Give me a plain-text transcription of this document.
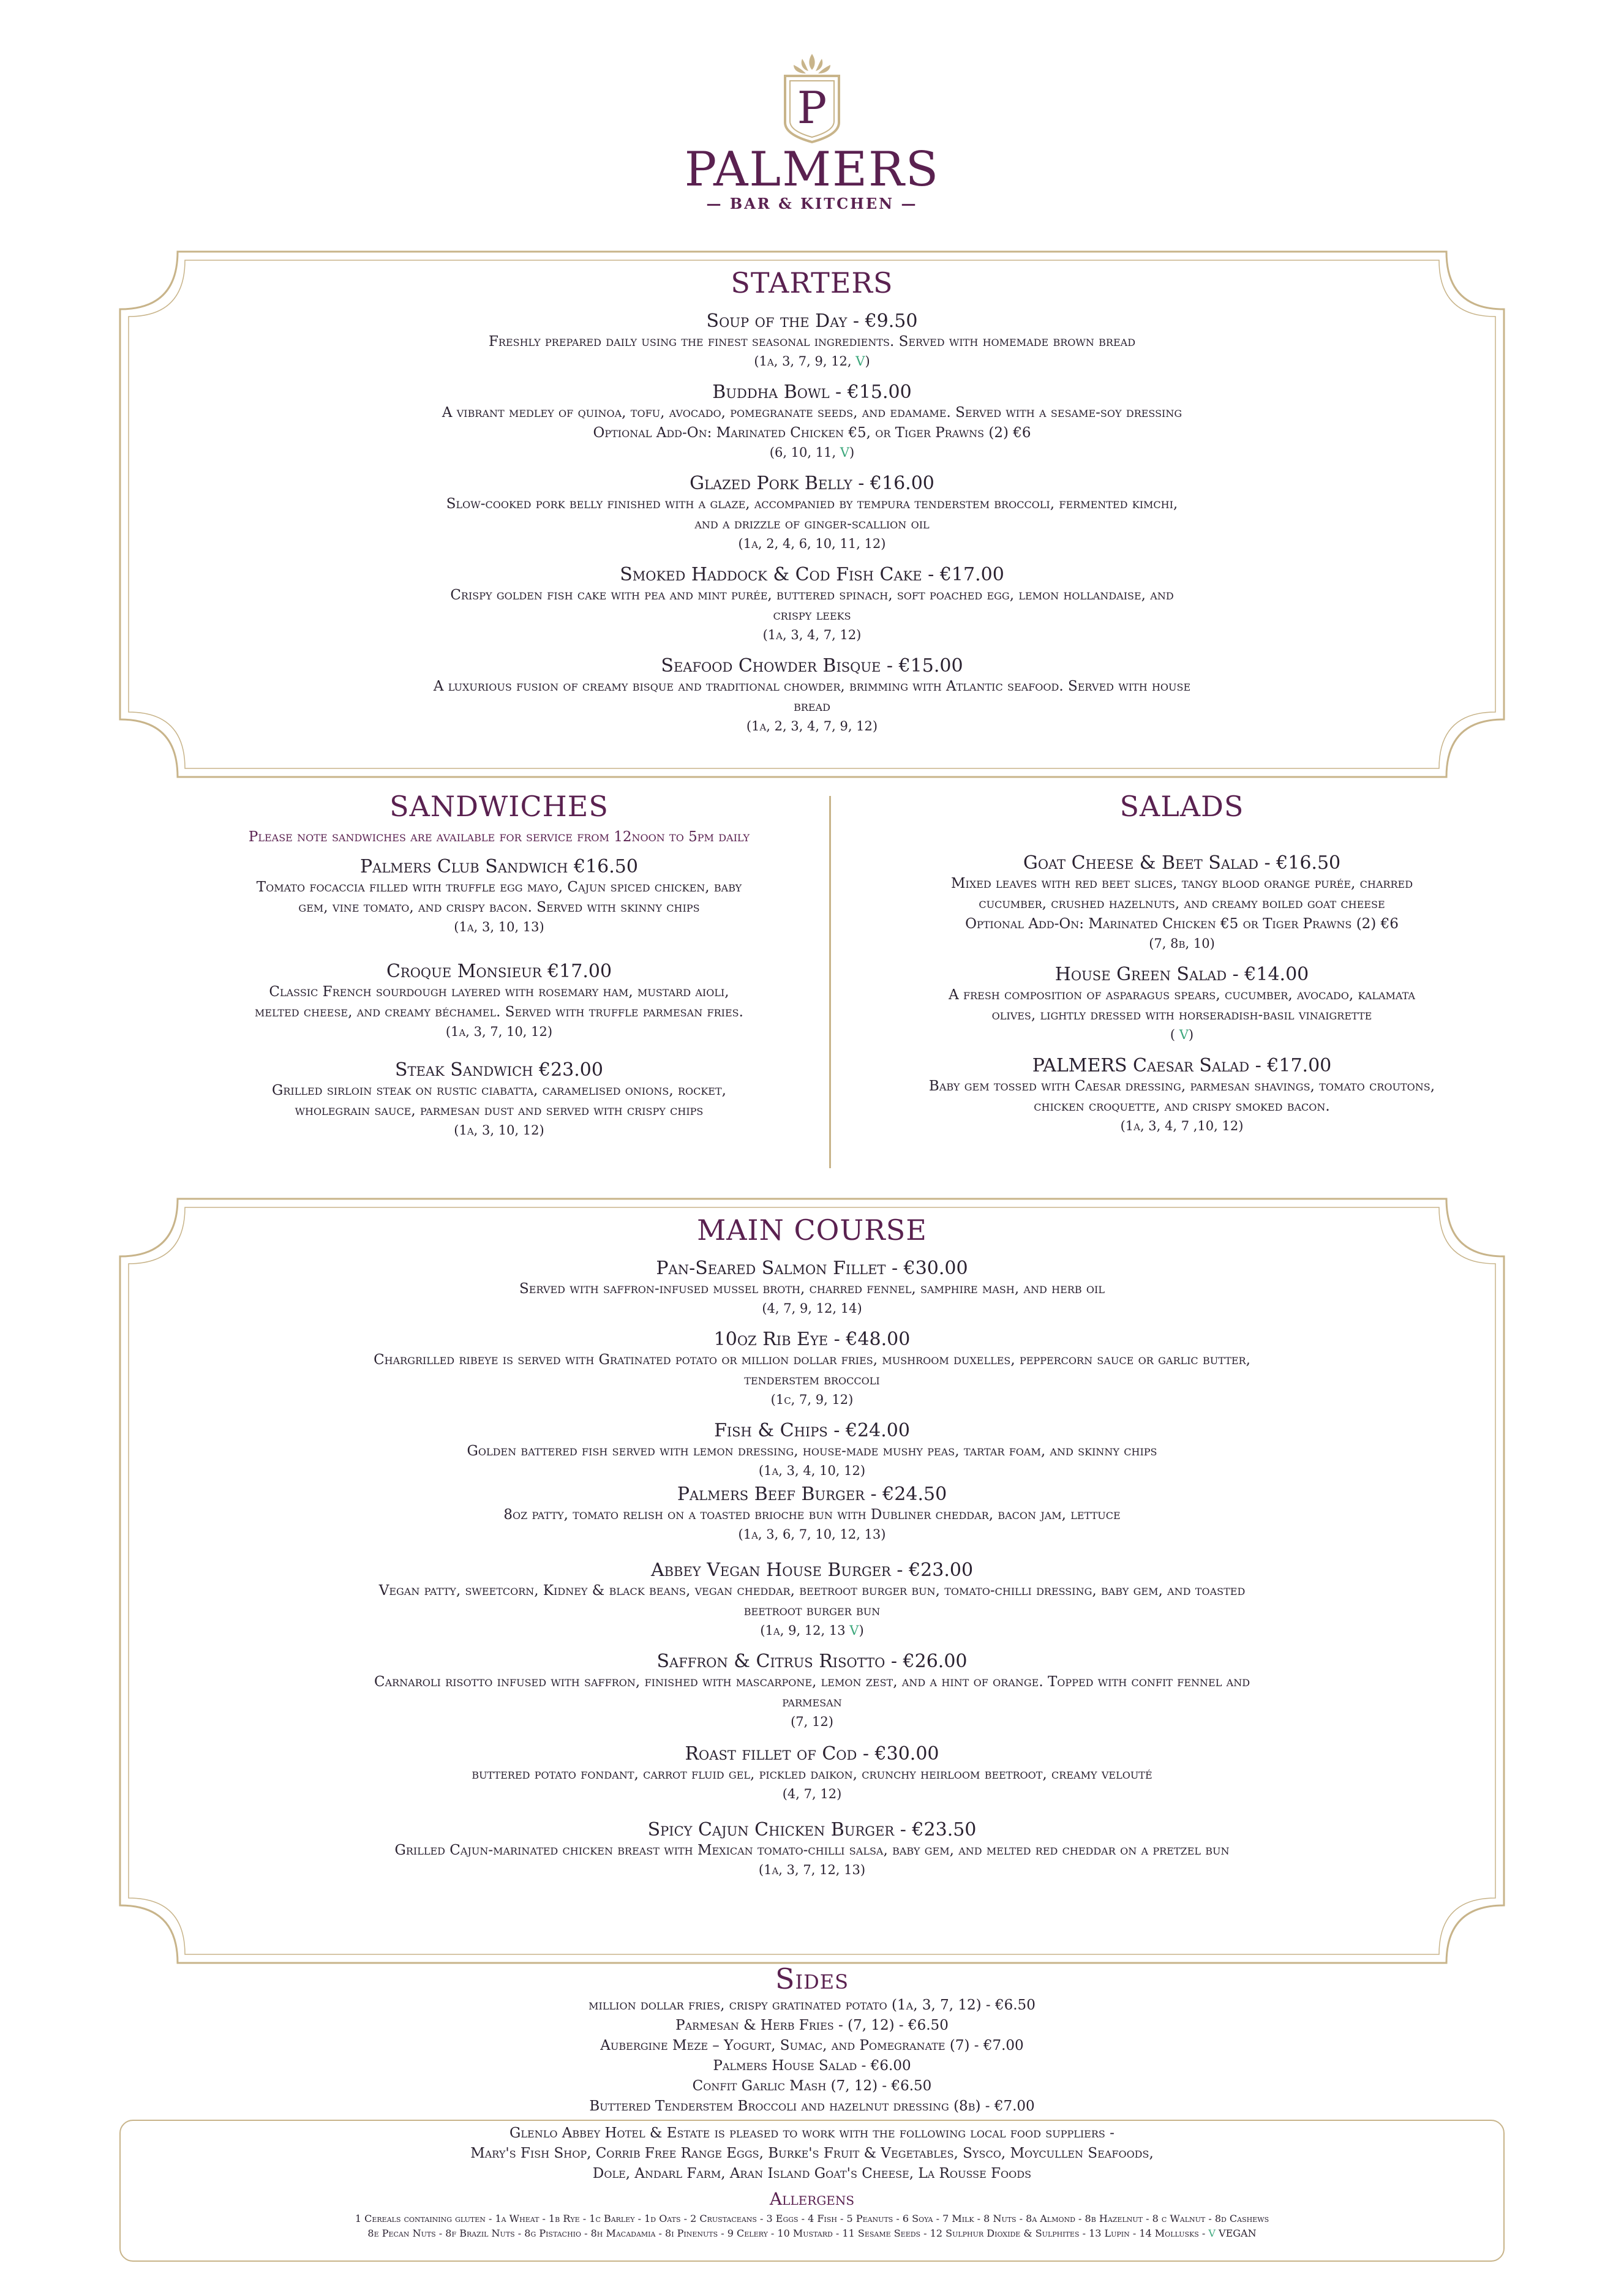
P
PALMERS
— BAR & KITCHEN —
STARTERS
Soup of the Day - €9.50
Freshly prepared daily using the finest seasonal ingredients. Served with homemade brown bread
(1a, 3, 7, 9, 12, V)
Buddha Bowl - €15.00
A vibrant medley of quinoa, tofu, avocado, pomegranate seeds, and edamame. Served with a sesame-soy dressing
Optional Add-On: Marinated Chicken €5, or Tiger Prawns (2) €6
(6, 10, 11, V)
Glazed Pork Belly - €16.00
Slow-cooked pork belly finished with a glaze, accompanied by tempura tenderstem broccoli, fermented kimchi,
and a drizzle of ginger-scallion oil
(1a, 2, 4, 6, 10, 11, 12)
Smoked Haddock & Cod Fish Cake - €17.00
Crispy golden fish cake with pea and mint purée, buttered spinach, soft poached egg, lemon hollandaise, and
crispy leeks
(1a, 3, 4, 7, 12)
Seafood Chowder Bisque - €15.00
A luxurious fusion of creamy bisque and traditional chowder, brimming with Atlantic seafood. Served with house
bread
(1a, 2, 3, 4, 7, 9, 12)
SANDWICHES
Please note sandwiches are available for service from 12noon to 5pm daily
Palmers Club Sandwich €16.50
Tomato focaccia filled with truffle egg mayo, Cajun spiced chicken, baby
gem, vine tomato, and crispy bacon. Served with skinny chips
(1a, 3, 10, 13)
Croque Monsieur €17.00
Classic French sourdough layered with rosemary ham, mustard aioli,
melted cheese, and creamy béchamel. Served with truffle parmesan fries.
(1a, 3, 7, 10, 12)
Steak Sandwich €23.00
Grilled sirloin steak on rustic ciabatta, caramelised onions, rocket,
wholegrain sauce, parmesan dust and served with crispy chips
(1a, 3, 10, 12)
SALADS
Goat Cheese & Beet Salad - €16.50
Mixed leaves with red beet slices, tangy blood orange purée, charred
cucumber, crushed hazelnuts, and creamy boiled goat cheese
Optional Add-On: Marinated Chicken €5 or Tiger Prawns (2) €6
(7, 8b, 10)
House Green Salad - €14.00
A fresh composition of asparagus spears, cucumber, avocado, kalamata
olives, lightly dressed with horseradish-basil vinaigrette
( V)
PALMERS Caesar Salad - €17.00
Baby gem tossed with Caesar dressing, parmesan shavings, tomato croutons,
chicken croquette, and crispy smoked bacon.
(1a, 3, 4, 7 ,10, 12)
MAIN COURSE
Pan-Seared Salmon Fillet - €30.00
Served with saffron-infused mussel broth, charred fennel, samphire mash, and herb oil
(4, 7, 9, 12, 14)
10oz Rib Eye - €48.00
Chargrilled ribeye is served with Gratinated potato or million dollar fries, mushroom duxelles, peppercorn sauce or garlic butter,
tenderstem broccoli
(1c, 7, 9, 12)
Fish & Chips - €24.00
Golden battered fish served with lemon dressing, house-made mushy peas, tartar foam, and skinny chips
(1a, 3, 4, 10, 12)
Palmers Beef Burger - €24.50
8oz patty, tomato relish on a toasted brioche bun with Dubliner cheddar, bacon jam, lettuce
(1a, 3, 6, 7, 10, 12, 13)
Abbey Vegan House Burger - €23.00
Vegan patty, sweetcorn, Kidney & black beans, vegan cheddar, beetroot burger bun, tomato-chilli dressing, baby gem, and toasted
beetroot burger bun
(1a, 9, 12, 13 V)
Saffron & Citrus Risotto - €26.00
Carnaroli risotto infused with saffron, finished with mascarpone, lemon zest, and a hint of orange. Topped with confit fennel and
parmesan
(7, 12)
Roast fillet of Cod - €30.00
buttered potato fondant, carrot fluid gel, pickled daikon, crunchy heirloom beetroot, creamy velouté
(4, 7, 12)
Spicy Cajun Chicken Burger - €23.50
Grilled Cajun-marinated chicken breast with Mexican tomato-chilli salsa, baby gem, and melted red cheddar on a pretzel bun
(1a, 3, 7, 12, 13)
Sides
million dollar fries, crispy gratinated potato (1a, 3, 7, 12) - €6.50
Parmesan & Herb Fries - (7, 12) - €6.50
Aubergine Meze – Yogurt, Sumac, and Pomegranate (7) - €7.00
Palmers House Salad - €6.00
Confit Garlic Mash (7, 12) - €6.50
Buttered Tenderstem Broccoli and hazelnut dressing (8b) - €7.00
Glenlo Abbey Hotel & Estate is pleased to work with the following local food suppliers -
Mary's Fish Shop, Corrib Free Range Eggs, Burke's Fruit & Vegetables, Sysco, Moycullen Seafoods,
Dole, Andarl Farm, Aran Island Goat's Cheese, La Rousse Foods
Allergens
1 Cereals containing gluten - 1a Wheat - 1b Rye - 1c Barley - 1d Oats - 2 Crustaceans - 3 Eggs - 4 Fish - 5 Peanuts - 6 Soya - 7 Milk - 8 Nuts - 8a Almond - 8b Hazelnut - 8 c Walnut - 8d Cashews
8e Pecan Nuts - 8f Brazil Nuts - 8g Pistachio - 8h Macadamia - 8i Pinenuts - 9 Celery - 10 Mustard - 11 Sesame Seeds - 12 Sulphur Dioxide & Sulphites - 13 Lupin - 14 Mollusks - V VEGAN
